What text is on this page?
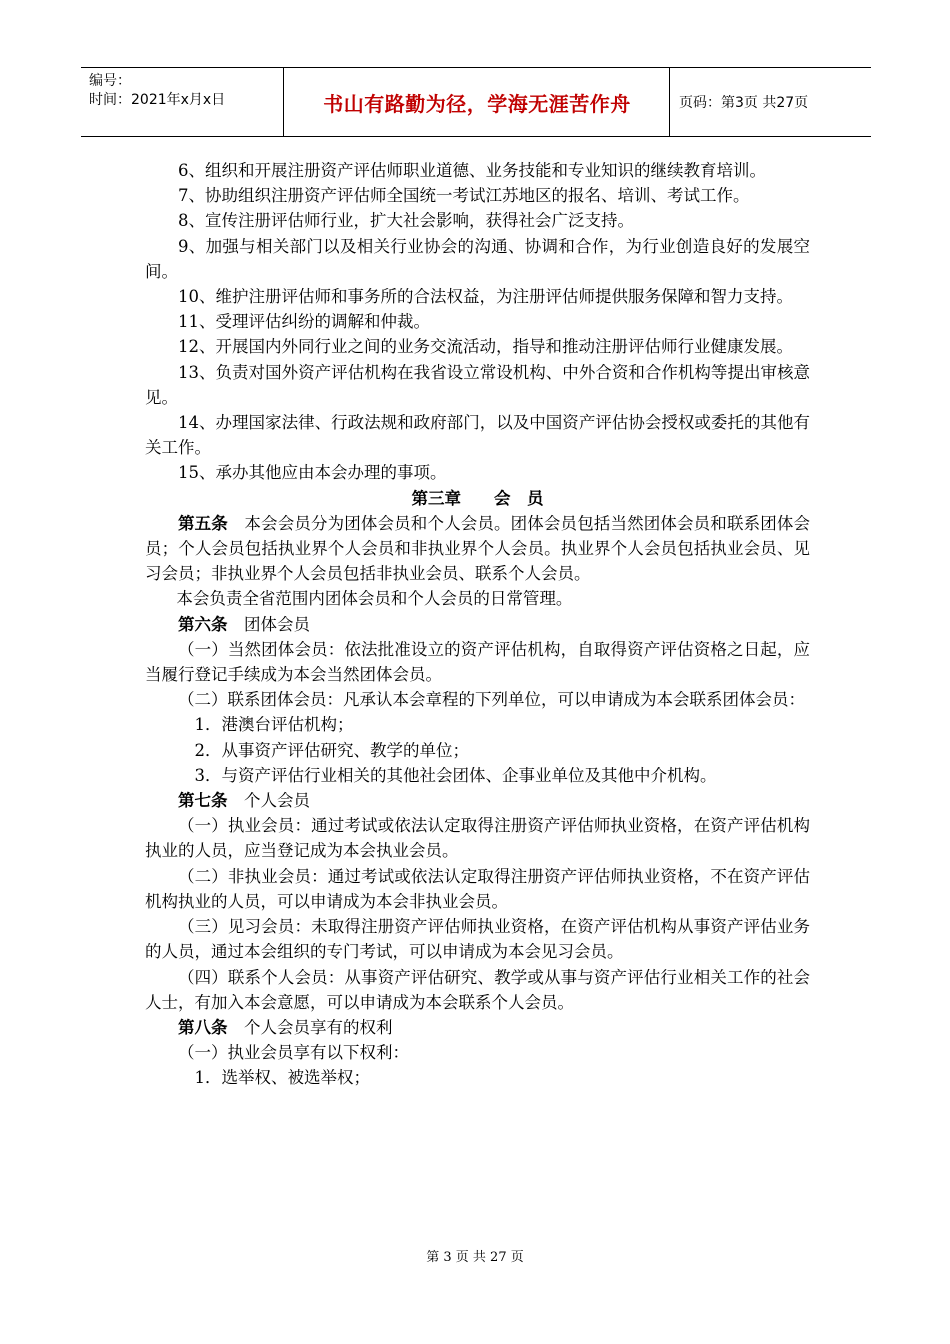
编号：
时间：2021年x月x日	书山有路勤为径，学海无涯苦作舟	页码：第3页 共27页

6、组织和开展注册资产评估师职业道德、业务技能和专业知识的继续教育培训。

7、协助组织注册资产评估师全国统一考试江苏地区的报名、培训、考试工作。

8、宣传注册评估师行业，扩大社会影响，获得社会广泛支持。

9、加强与相关部门以及相关行业协会的沟通、协调和合作，为行业创造良好的发展空间。

10、维护注册评估师和事务所的合法权益，为注册评估师提供服务保障和智力支持。

11、受理评估纠纷的调解和仲裁。

12、开展国内外同行业之间的业务交流活动，指导和推动注册评估师行业健康发展。

13、负责对国外资产评估机构在我省设立常设机构、中外合资和合作机构等提出审核意见。

14、办理国家法律、行政法规和政府部门，以及中国资产评估协会授权或委托的其他有关工作。

15、承办其他应由本会办理的事项。

第三章　　 会　员

第五条 本会会员分为团体会员和个人会员。团体会员包括当然团体会员和联系团体会员；个人会员包括执业界个人会员和非执业界个人会员。执业界个人会员包括执业会员、见习会员；非执业界个人会员包括非执业会员、联系个人会员。

本会负责全省范围内团体会员和个人会员的日常管理。

第六条 团体会员

（一）当然团体会员：依法批准设立的资产评估机构，自取得资产评估资格之日起，应当履行登记手续成为本会当然团体会员。

（二）联系团体会员：凡承认本会章程的下列单位，可以申请成为本会联系团体会员：

1．港澳台评估机构；

2．从事资产评估研究、教学的单位；

3．与资产评估行业相关的其他社会团体、企事业单位及其他中介机构。

第七条 个人会员

（一）执业会员：通过考试或依法认定取得注册资产评估师执业资格，在资产评估机构执业的人员，应当登记成为本会执业会员。

（二）非执业会员：通过考试或依法认定取得注册资产评估师执业资格，不在资产评估机构执业的人员，可以申请成为本会非执业会员。

（三）见习会员：未取得注册资产评估师执业资格，在资产评估机构从事资产评估业务的人员，通过本会组织的专门考试，可以申请成为本会见习会员。

（四）联系个人会员：从事资产评估研究、教学或从事与资产评估行业相关工作的社会人士，有加入本会意愿，可以申请成为本会联系个人会员。

第八条 个人会员享有的权利

（一）执业会员享有以下权利：

1．选举权、被选举权；

第 3 页 共 27 页
